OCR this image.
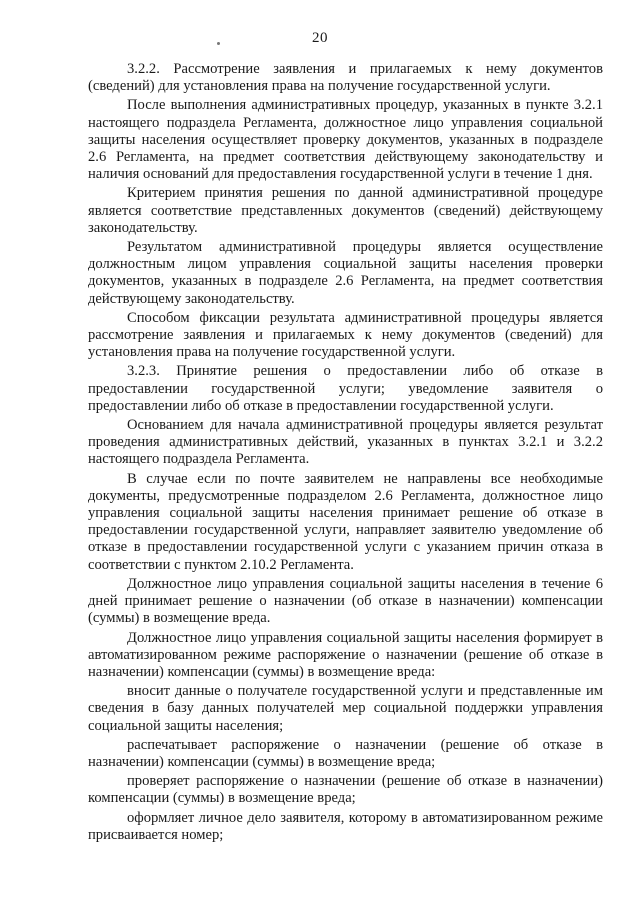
20

3.2.2. Рассмотрение заявления и прилагаемых к нему документов (сведений) для установления права на получение государственной услуги.

После выполнения административных процедур, указанных в пункте 3.2.1 настоящего подраздела Регламента, должностное лицо управления социальной защиты населения осуществляет проверку документов, указанных в подразделе 2.6 Регламента, на предмет соответствия действующему законодательству и наличия оснований для предоставления государственной услуги в течение 1 дня.

Критерием принятия решения по данной административной процедуре является соответствие представленных документов (сведений) действующему законодательству.

Результатом административной процедуры является осуществление должностным лицом управления социальной защиты населения проверки документов, указанных в подразделе 2.6 Регламента, на предмет соответствия действующему законодательству.

Способом фиксации результата административной процедуры является рассмотрение заявления и прилагаемых к нему документов (сведений) для установления права на получение государственной услуги.

3.2.3. Принятие решения о предоставлении либо об отказе в предоставлении государственной услуги; уведомление заявителя о предоставлении либо об отказе в предоставлении государственной услуги.

Основанием для начала административной процедуры является результат проведения административных действий, указанных в пунктах 3.2.1 и 3.2.2 настоящего подраздела Регламента.

В случае если по почте заявителем не направлены все необходимые документы, предусмотренные подразделом 2.6 Регламента, должностное лицо управления социальной защиты населения принимает решение об отказе в предоставлении государственной услуги, направляет заявителю уведомление об отказе в предоставлении государственной услуги с указанием причин отказа в соответствии с пунктом 2.10.2 Регламента.

Должностное лицо управления социальной защиты населения в течение 6 дней принимает решение о назначении (об отказе в назначении) компенсации (суммы) в возмещение вреда.

Должностное лицо управления социальной защиты населения формирует в автоматизированном режиме распоряжение о назначении (решение об отказе в назначении) компенсации (суммы) в возмещение вреда:

вносит данные о получателе государственной услуги и представленные им сведения в базу данных получателей мер социальной поддержки управления социальной защиты населения;

распечатывает распоряжение о назначении (решение об отказе в назначении) компенсации (суммы) в возмещение вреда;

проверяет распоряжение о назначении (решение об отказе в назначении) компенсации (суммы) в возмещение вреда;

оформляет личное дело заявителя, которому в автоматизированном режиме присваивается номер;
